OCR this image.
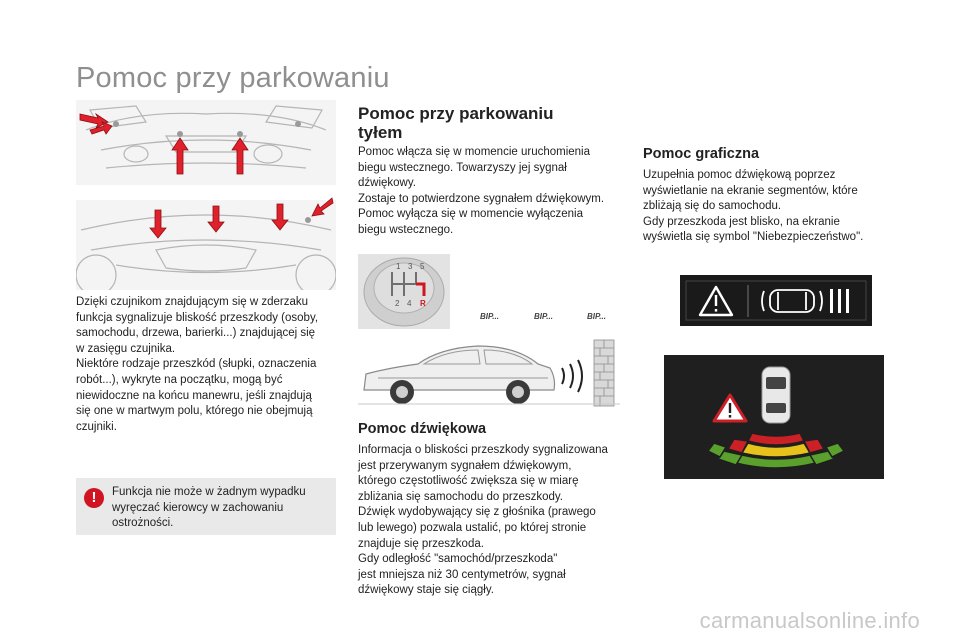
Pomoc przy parkowaniu
Dzięki czujnikom znajdującym się w zderzaku
funkcja sygnalizuje bliskość przeszkody (osoby,
samochodu, drzewa, barierki...) znajdującej się
w zasięgu czujnika.
Niektóre rodzaje przeszkód (słupki, oznaczenia
robót...), wykryte na początku, mogą być
niewidoczne na końcu manewru, jeśli znajdują
się one w martwym polu, którego nie obejmują
czujniki.
!	Funkcja nie może w żadnym wypadku
wyręczać kierowcy w zachowaniu
ostrożności.
Pomoc przy parkowaniu
tyłem
Pomoc włącza się w momencie uruchomienia
biegu wstecznego. Towarzyszy jej sygnał
dźwiękowy.
Zostaje to potwierdzone sygnałem dźwiękowym.
Pomoc wyłącza się w momencie wyłączenia
biegu wstecznego.
1 3 5
2 4 R
BIP...	BIP...	BIP...
Pomoc dźwiękowa
Informacja o bliskości przeszkody sygnalizowana
jest przerywanym sygnałem dźwiękowym,
którego częstotliwość zwiększa się w miarę
zbliżania się samochodu do przeszkody.
Dźwięk wydobywający się z głośnika (prawego
lub lewego) pozwala ustalić, po której stronie
znajduje się przeszkoda.
Gdy odległość "samochód/przeszkoda"
jest mniejsza niż 30 centymetrów, sygnał
dźwiękowy staje się ciągły.
Pomoc graficzna
Uzupełnia pomoc dźwiękową poprzez
wyświetlanie na ekranie segmentów, które
zbliżają się do samochodu.
Gdy przeszkoda jest blisko, na ekranie
wyświetla się symbol "Niebezpieczeństwo".
carmanualsonline.info
